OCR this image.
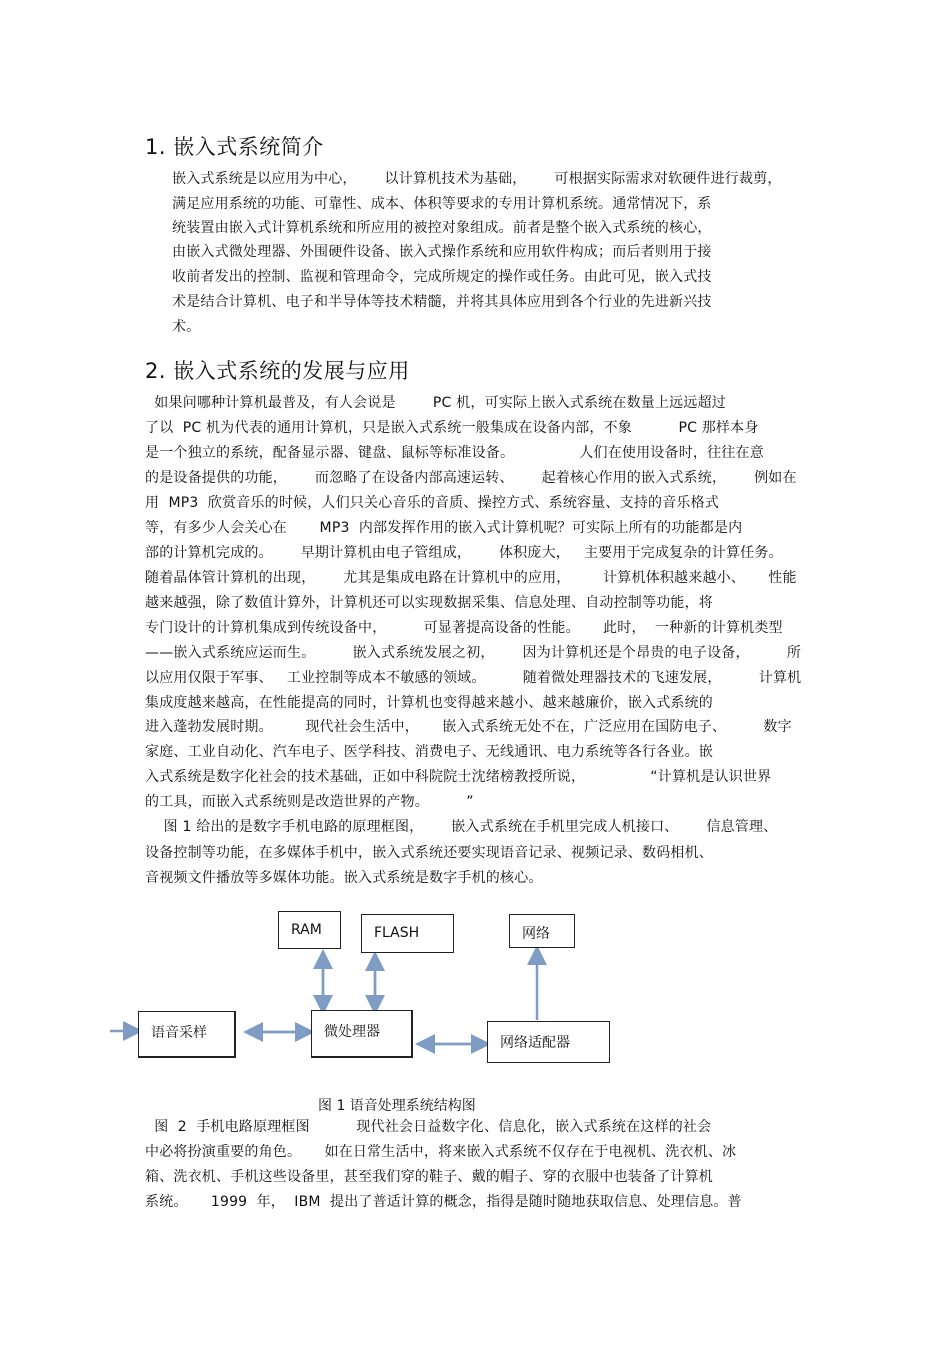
1. 嵌入式系统简介
嵌入式系统是以应用为中心，      以计算机技术为基础，      可根据实际需求对软硬件进行裁剪，
满足应用系统的功能、可靠性、成本、体积等要求的专用计算机系统。通常情况下，系
统装置由嵌入式计算机系统和所应用的被控对象组成。前者是整个嵌入式系统的核心，
由嵌入式微处理器、外围硬件设备、嵌入式操作系统和应用软件构成；而后者则用于接
收前者发出的控制、监视和管理命令，完成所规定的操作或任务。由此可见，嵌入式技
术是结合计算机、电子和半导体等技术精髓，并将其具体应用到各个行业的先进新兴技
术。
2. 嵌入式系统的发展与应用
如果问哪种计算机最普及，有人会说是        PC 机，可实际上嵌入式系统在数量上远远超过
了以  PC 机为代表的通用计算机，只是嵌入式系统一般集成在设备内部，不象          PC 那样本身
是一个独立的系统，配备显示器、键盘、鼠标等标准设备。              人们在使用设备时，往往在意
的是设备提供的功能，      而忽略了在设备内部高速运转、      起着核心作用的嵌入式系统，      例如在
用  MP3  欣赏音乐的时候，人们只关心音乐的音质、操控方式、系统容量、支持的音乐格式
等，有多少人会关心在       MP3  内部发挥作用的嵌入式计算机呢？可实际上所有的功能都是内
部的计算机完成的。      早期计算机由电子管组成，      体积庞大，   主要用于完成复杂的计算任务。
随着晶体管计算机的出现，      尤其是集成电路在计算机中的应用，       计算机体积越来越小、     性能
越来越强，除了数值计算外，计算机还可以实现数据采集、信息处理、自动控制等功能，将
专门设计的计算机集成到传统设备中，        可显著提高设备的性能。     此时，  一种新的计算机类型
——嵌入式系统应运而生。        嵌入式系统发展之初，      因为计算机还是个昂贵的电子设备，        所
以应用仅限于军事、   工业控制等成本不敏感的领域。        随着微处理器技术的飞速发展，        计算机
集成度越来越高，在性能提高的同时，计算机也变得越来越小、越来越廉价，嵌入式系统的
进入蓬勃发展时期。       现代社会生活中，     嵌入式系统无处不在，广泛应用在国防电子、        数字
家庭、工业自动化、汽车电子、医学科技、消费电子、无线通讯、电力系统等各行各业。嵌
入式系统是数字化社会的技术基础，正如中科院院士沈绪榜教授所说，              “计算机是认识世界
的工具，而嵌入式系统则是改造世界的产物。        ”
图 1 给出的是数字手机电路的原理框图，      嵌入式系统在手机里完成人机接口、      信息管理、
设备控制等功能，在多媒体手机中，嵌入式系统还要实现语音记录、视频记录、数码相机、
音视频文件播放等多媒体功能。嵌入式系统是数字手机的核心。
RAM	FLASH	网络
语音采样	微处理器
网络适配器
图 1 语音处理系统结构图
图  2  手机电路原理框图          现代社会日益数字化、信息化，嵌入式系统在这样的社会
中必将扮演重要的角色。     如在日常生活中，将来嵌入式系统不仅存在于电视机、洗衣机、冰
箱、洗衣机、手机这些设备里，甚至我们穿的鞋子、戴的帽子、穿的衣服中也装备了计算机
系统。     1999  年，  IBM  提出了普适计算的概念，指得是随时随地获取信息、处理信息。普
